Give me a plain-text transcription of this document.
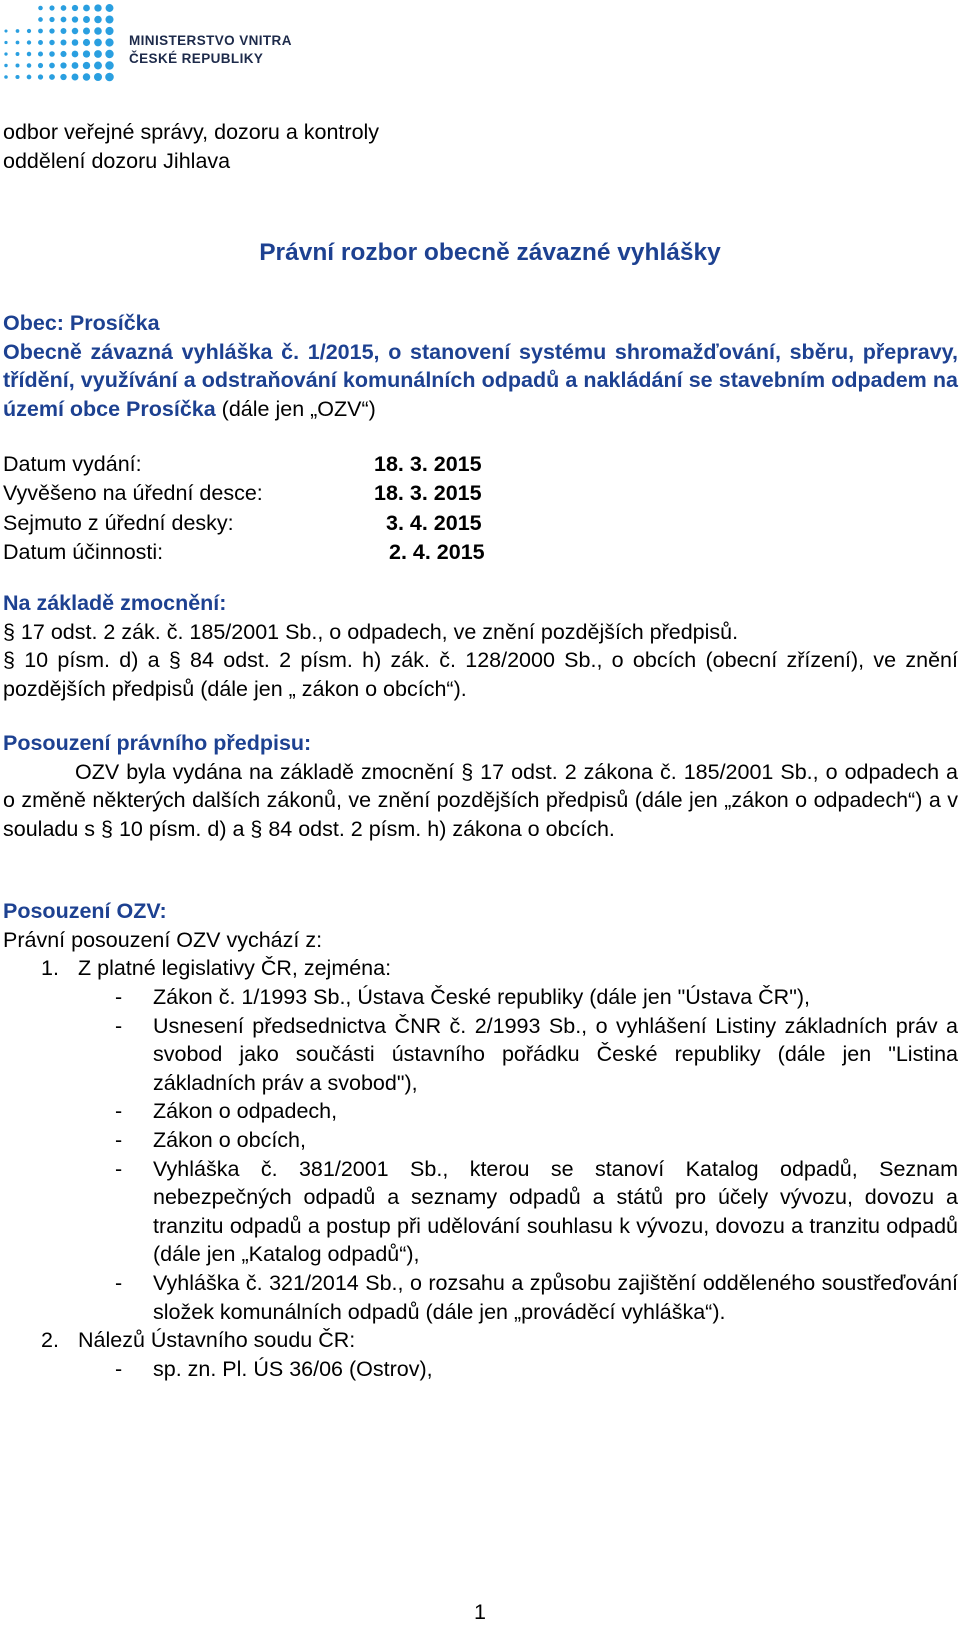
MINISTERSTVO VNITRA
ČESKÉ REPUBLIKY
odbor veřejné správy, dozoru a kontroly
oddělení dozoru Jihlava
Právní rozbor obecně závazné vyhlášky
Obec: Prosíčka
Obecně závazná vyhláška č. 1/2015, o stanovení systému shromažďování, sběru, přepravy, třídění, využívání a odstraňování komunálních odpadů a nakládání se stavebním odpadem na území obce Prosíčka (dále jen „OZV“)
Datum vydání:	18. 3. 2015
Vyvěšeno na úřední desce:	18. 3. 2015
Sejmuto z úřední desky:	3. 4. 2015
Datum účinnosti:	2. 4. 2015
Na základě zmocnění:
§ 17 odst. 2 zák. č. 185/2001 Sb., o odpadech, ve znění pozdějších předpisů.
§ 10 písm. d) a § 84 odst. 2 písm. h) zák. č. 128/2000 Sb., o obcích (obecní zřízení), ve znění pozdějších předpisů (dále jen „ zákon o obcích“).
Posouzení právního předpisu:
OZV byla vydána na základě zmocnění § 17 odst. 2 zákona č. 185/2001 Sb., o odpadech a o změně některých dalších zákonů, ve znění pozdějších předpisů (dále jen „zákon o odpadech“) a v souladu s § 10 písm. d) a § 84 odst. 2 písm. h) zákona o obcích.
Posouzení OZV:
Právní posouzení OZV vychází z:
1. Z platné legislativy ČR, zejména:
- Zákon č. 1/1993 Sb., Ústava České republiky (dále jen "Ústava ČR"),
- Usnesení předsednictva ČNR č. 2/1993 Sb., o vyhlášení Listiny základních práv a svobod jako součásti ústavního pořádku České republiky (dále jen "Listina základních práv a svobod"),
- Zákon o odpadech,
- Zákon o obcích,
- Vyhláška č. 381/2001 Sb., kterou se stanoví Katalog odpadů, Seznam nebezpečných odpadů a seznamy odpadů a států pro účely vývozu, dovozu a tranzitu odpadů a postup při udělování souhlasu k vývozu, dovozu a tranzitu odpadů (dále jen „Katalog odpadů“),
- Vyhláška č. 321/2014 Sb., o rozsahu a způsobu zajištění odděleného soustřeďování složek komunálních odpadů (dále jen „prováděcí vyhláška“).
2. Nálezů Ústavního soudu ČR:
- sp. zn. Pl. ÚS 36/06 (Ostrov),
1
